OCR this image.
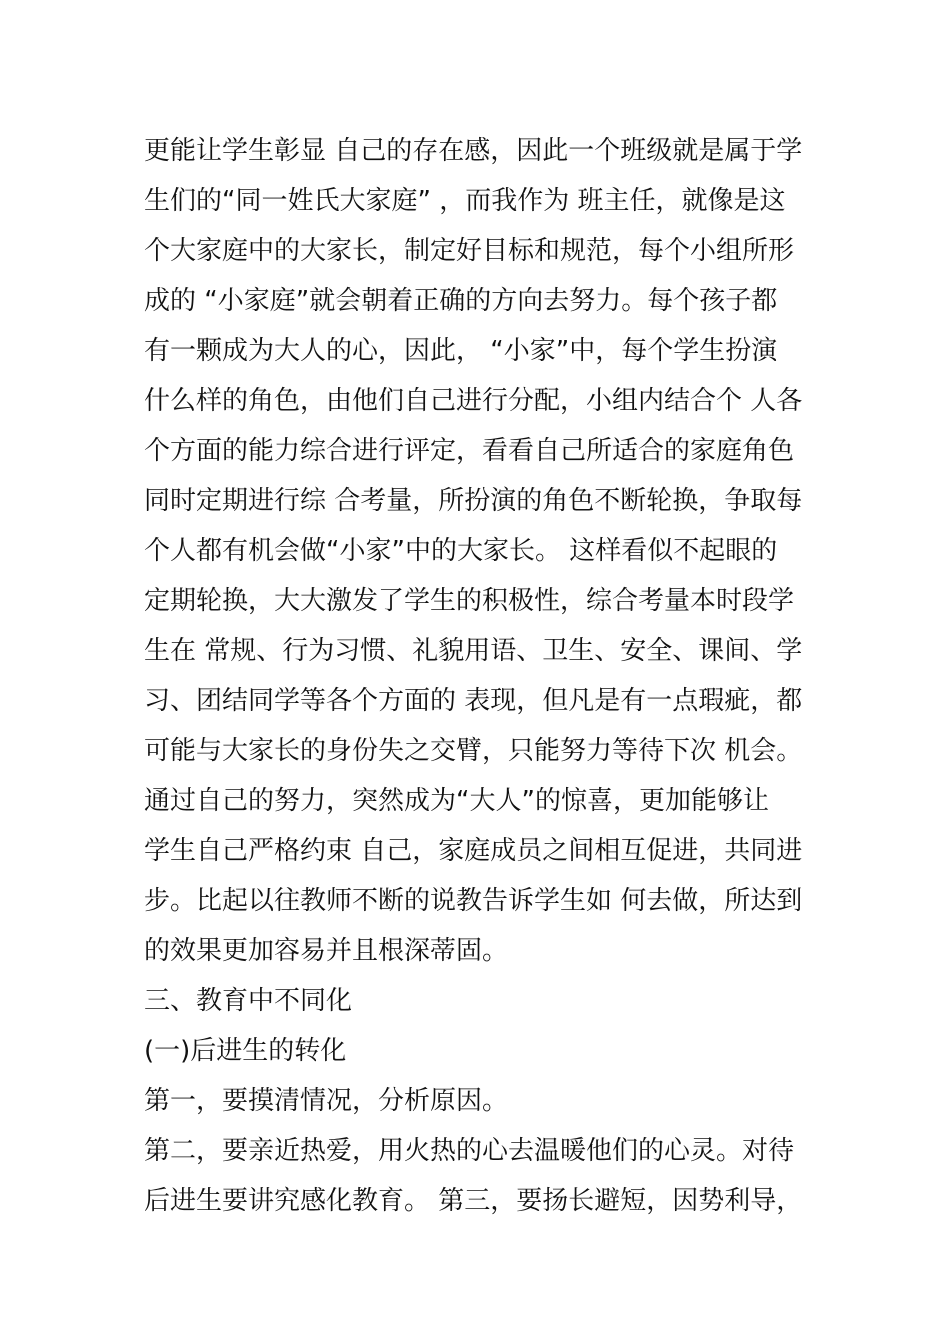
更能让学生彰显 自己的存在感，因此一个班级就是属于学
生们的“同一姓氏大家庭” ，而我作为 班主任，就像是这
个大家庭中的大家长，制定好目标和规范，每个小组所形
成的 “小家庭”就会朝着正确的方向去努力。每个孩子都
有一颗成为大人的心，因此， “小家”中，每个学生扮演
什么样的角色，由他们自己进行分配，小组内结合个 人各
个方面的能力综合进行评定，看看自己所适合的家庭角色
同时定期进行综 合考量，所扮演的角色不断轮换，争取每
个人都有机会做“小家”中的大家长。 这样看似不起眼的
定期轮换，大大激发了学生的积极性，综合考量本时段学
生在 常规、行为习惯、礼貌用语、卫生、安全、课间、学
习、团结同学等各个方面的 表现，但凡是有一点瑕疵，都
可能与大家长的身份失之交臂，只能努力等待下次 机会。
通过自己的努力，突然成为“大人”的惊喜，更加能够让
学生自己严格约束 自己，家庭成员之间相互促进，共同进
步。比起以往教师不断的说教告诉学生如 何去做，所达到
的效果更加容易并且根深蒂固。
三、教育中不同化
(一)后进生的转化
第一，要摸清情况，分析原因。
第二，要亲近热爱，用火热的心去温暖他们的心灵。对待
后进生要讲究感化教育。 第三，要扬长避短，因势利导，
